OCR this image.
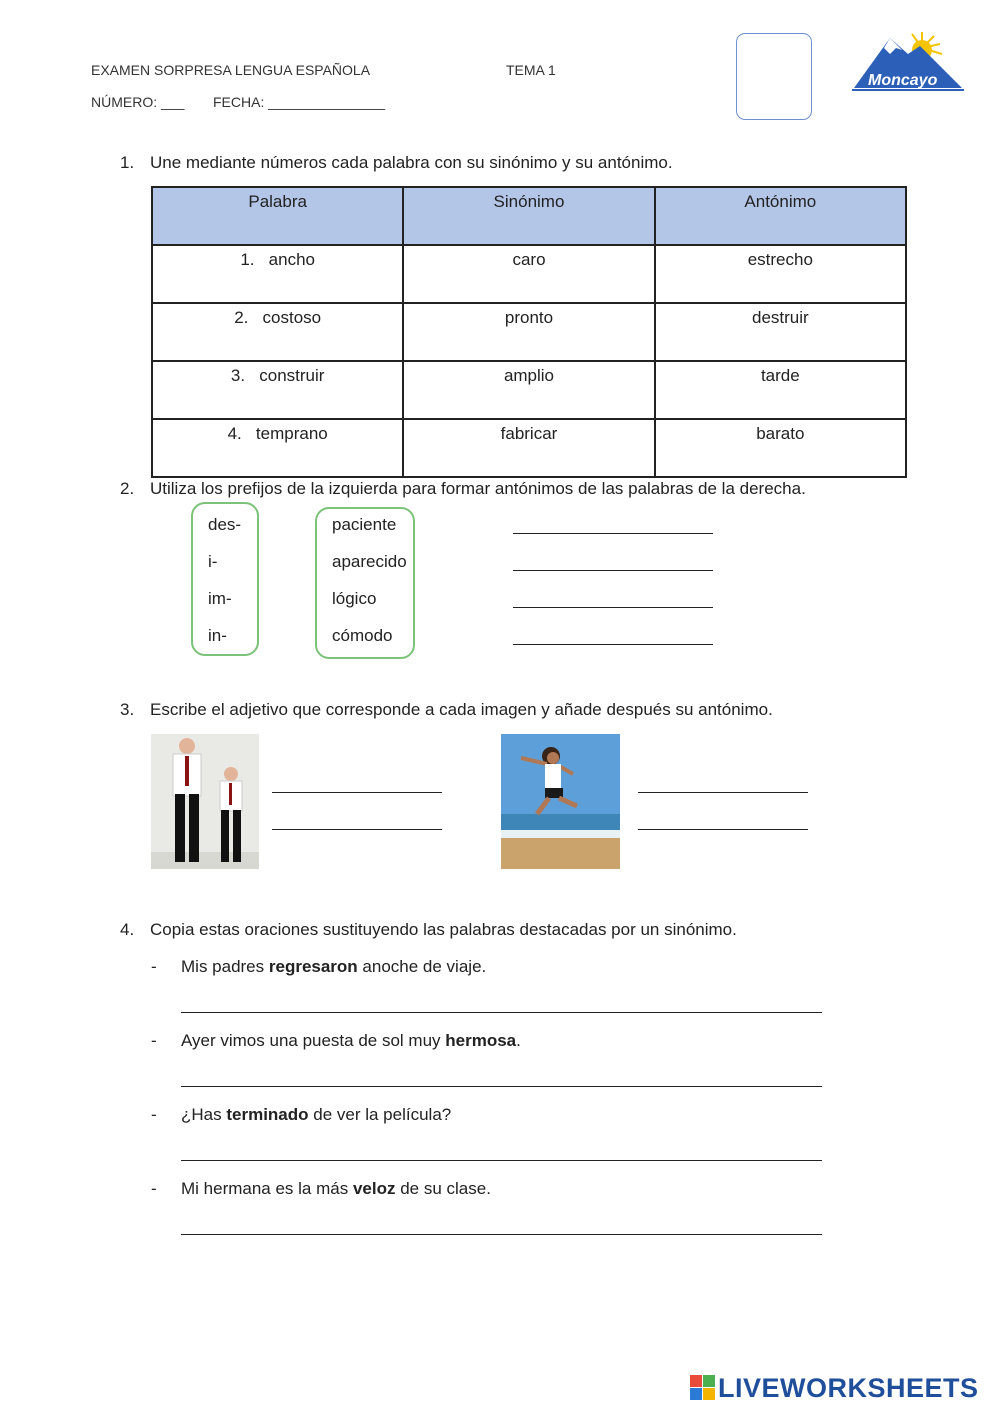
EXAMEN SORPRESA LENGUA ESPAÑOLA	TEMA 1
NÚMERO: ___ FECHA: _______________
Moncayo
1. Une mediante números cada palabra con su sinónimo y su antónimo.
Palabra	Sinónimo	Antónimo
1.   ancho	caro	estrecho
2.   costoso	pronto	destruir
3.   construir	amplio	tarde
4.   temprano	fabricar	barato
2. Utiliza los prefijos de la izquierda para formar antónimos de las palabras de la derecha.
des-
i-
im-
in-
paciente
aparecido
lógico
cómodo
3. Escribe el adjetivo que corresponde a cada imagen y añade después su antónimo.
4. Copia estas oraciones sustituyendo las palabras destacadas por un sinónimo.
- Mis padres regresaron anoche de viaje.
- Ayer vimos una puesta de sol muy hermosa.
- ¿Has terminado de ver la película?
- Mi hermana es la más veloz de su clase.
LIVEWORKSHEETS
